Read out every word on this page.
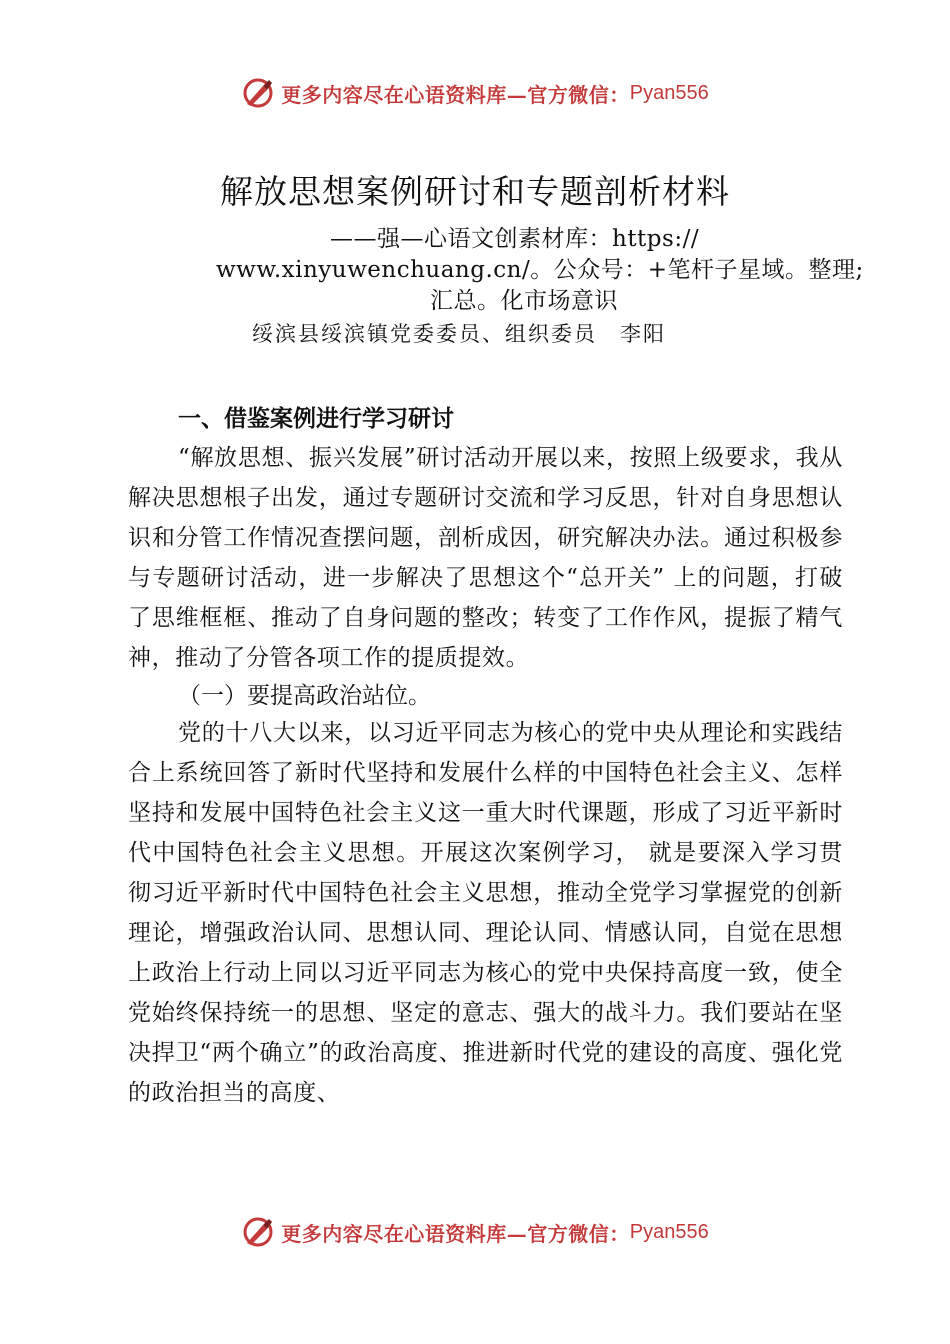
更多内容尽在心语资料库—官方微信： Pyan556
解放思想案例研讨和专题剖析材料
——强—心语文创素材库：https://
www.xinyuwenchuang.cn/。公众号：+笔杆子星域。整理;
汇总。化市场意识
绥滨县绥滨镇党委委员、组织委员　李阳
一、借鉴案例进行学习研讨
“解放思想、振兴发展”研讨活动开展以来，按照上级要求，我从解决思想根子出发，通过专题研讨交流和学习反思，针对自身思想认识和分管工作情况查摆问题，剖析成因，研究解决办法。通过积极参与专题研讨活动，进一步解决了思想这个“总开关” 上的问题，打破了思维框框、推动了自身问题的整改；转变了工作作风，提振了精气神，推动了分管各项工作的提质提效。
（一）要提高政治站位。
党的十八大以来，以习近平同志为核心的党中央从理论和实践结合上系统回答了新时代坚持和发展什么样的中国特色社会主义、怎样坚持和发展中国特色社会主义这一重大时代课题，形成了习近平新时代中国特色社会主义思想。开展这次案例学习， 就是要深入学习贯彻习近平新时代中国特色社会主义思想，推动全党学习掌握党的创新理论，增强政治认同、思想认同、理论认同、情感认同，自觉在思想上政治上行动上同以习近平同志为核心的党中央保持高度一致，使全党始终保持统一的思想、坚定的意志、强大的战斗力。我们要站在坚决捍卫“两个确立”的政治高度、推进新时代党的建设的高度、强化党的政治担当的高度、
更多内容尽在心语资料库—官方微信： Pyan556
